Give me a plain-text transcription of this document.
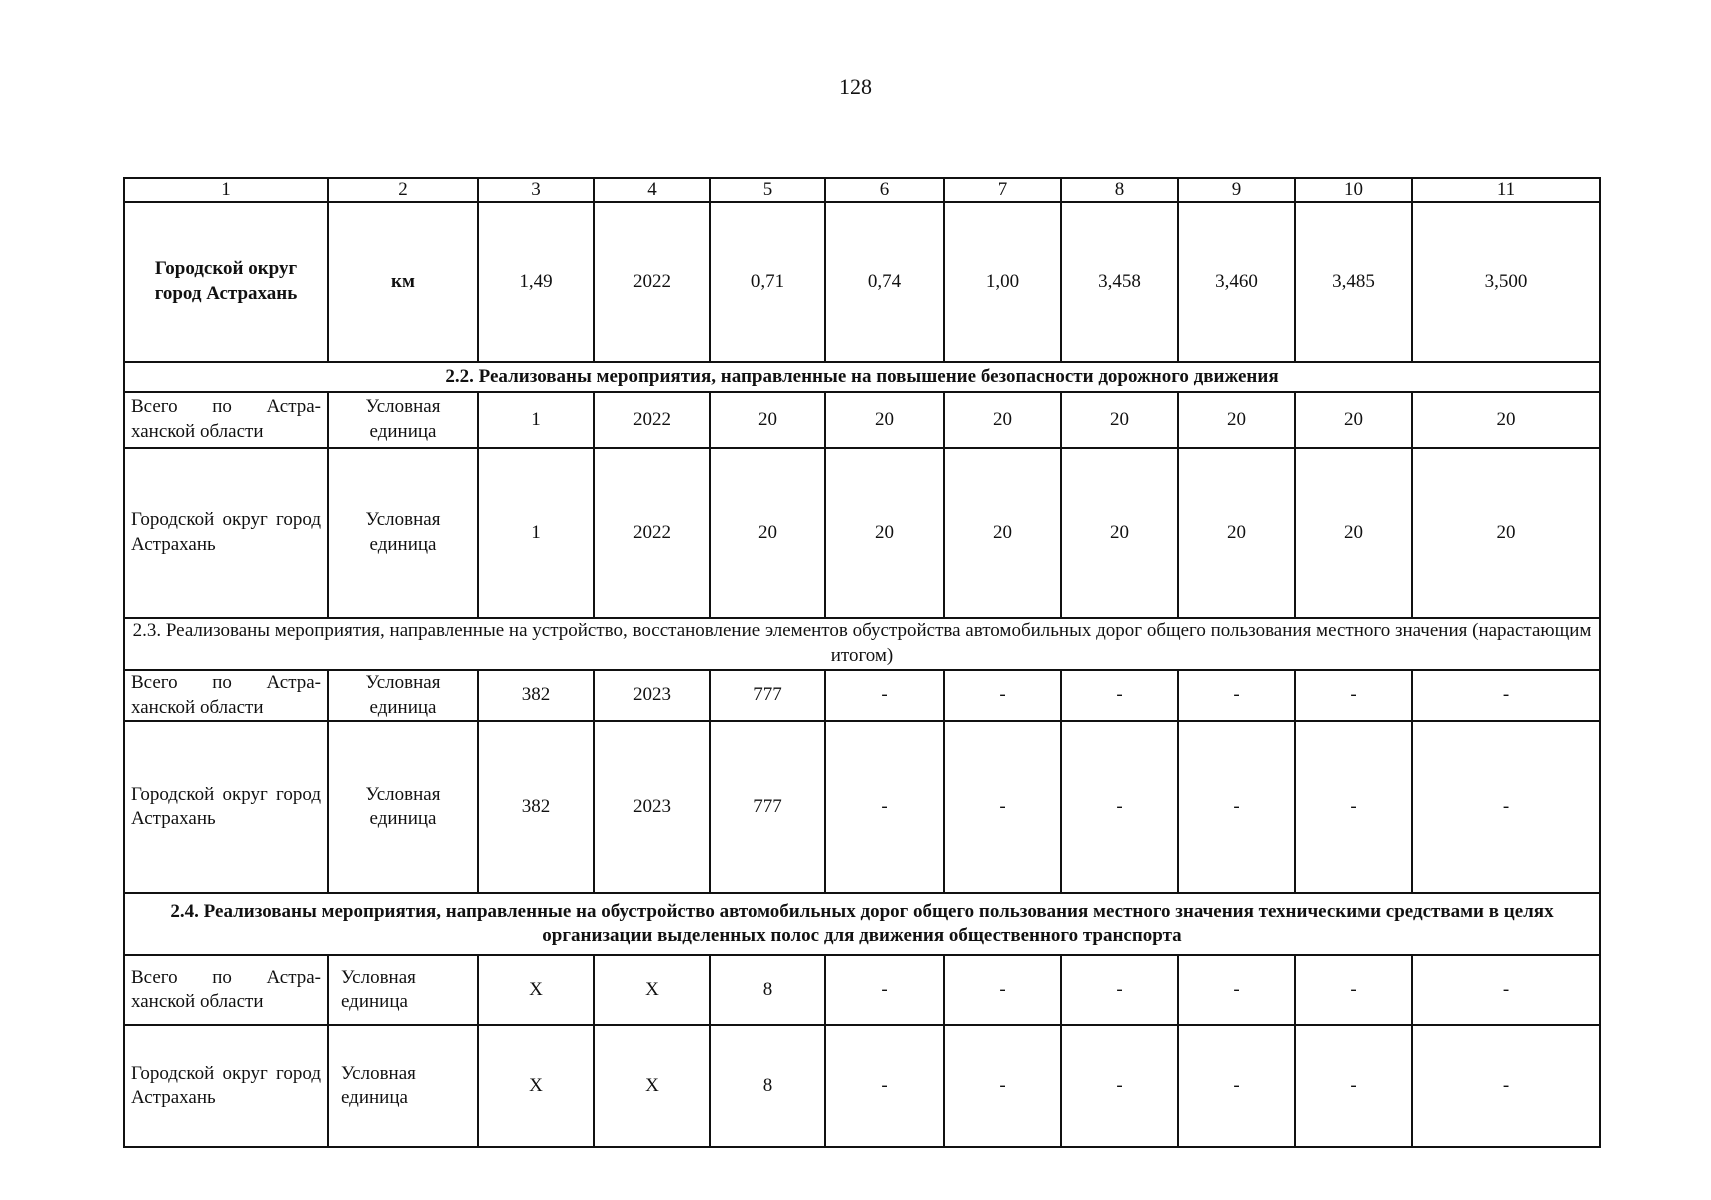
128
1	2	3	4	5	6	7	8	9	10	11
Городской округ город Астрахань	км	1,49	2022	0,71	0,74	1,00	3,458	3,460	3,485	3,500
2.2. Реализованы мероприятия, направленные на повышение безопасности дорожного движения										

Всего по Астра-ханской области	Условная единица	1	2022	20	20	20	20	20	20	20

Городской округ город Астрахань	Условная единица	1	2022	20	20	20	20	20	20	20
2.3. Реализованы мероприятия, направленные на устройство, восстановление элементов обустройства автомобильных дорог общего пользования местного значения (нарастающим итогом)										

Всего по Астра-ханской области	Условная единица	382	2023	777	-	-	-	-	-	-

Городской округ город Астрахань	Условная единица	382	2023	777	-	-	-	-	-	-
2.4. Реализованы мероприятия, направленные на обустройство автомобильных дорог общего пользования местного значения техническими средствами в целях организации выделенных полос для движения общественного транспорта										

Всего по Астра-ханской области	Условная единица	Х	Х	8	-	-	-	-	-	-

Городской округ город Астрахань	Условная единица	Х	Х	8	-	-	-	-	-	-
